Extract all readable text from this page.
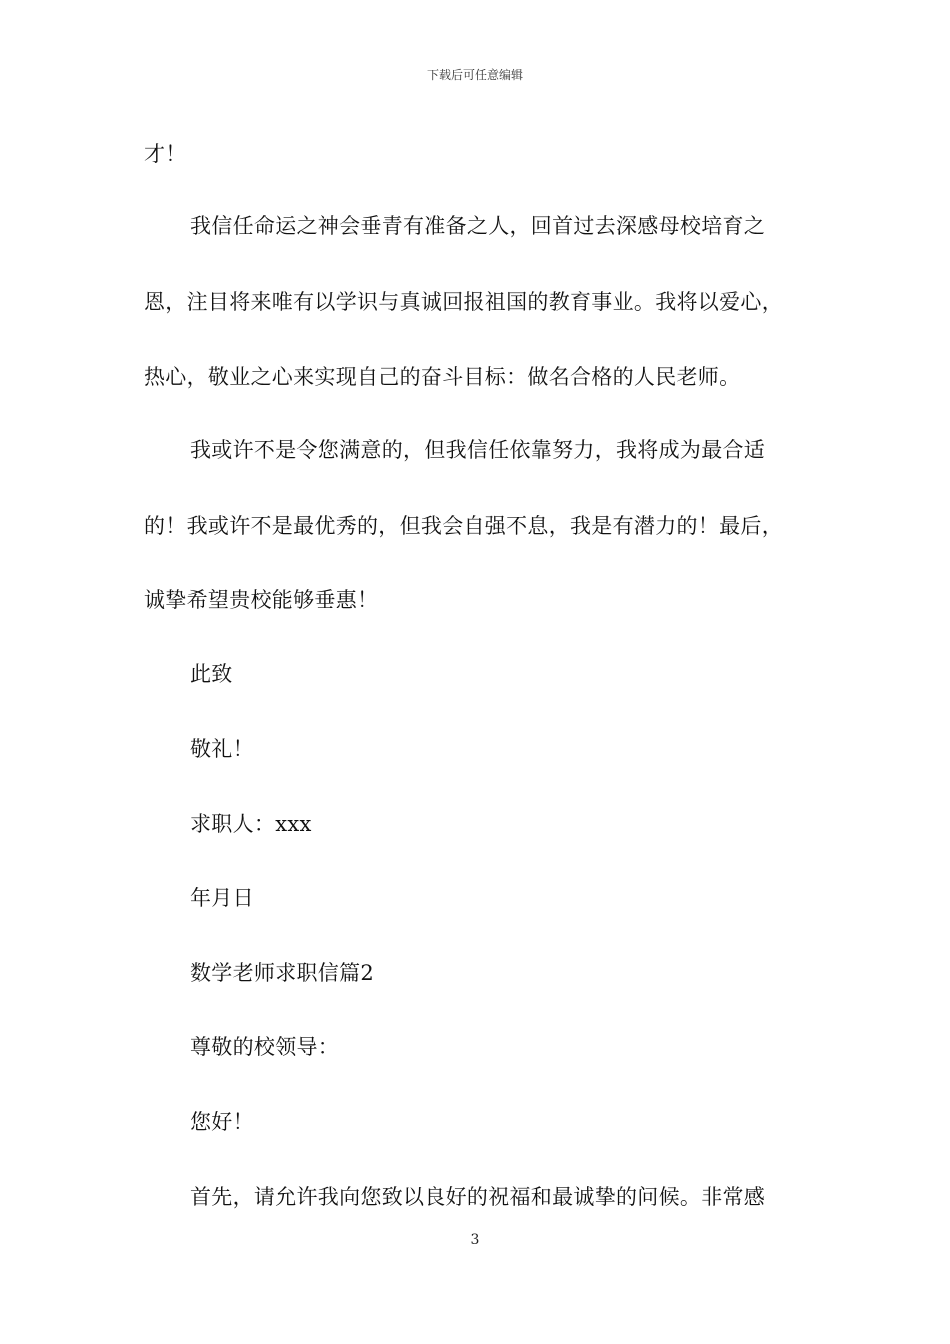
下载后可任意编辑
才！
我信任命运之神会垂青有准备之人，回首过去深感母校培育之
恩，注目将来唯有以学识与真诚回报祖国的教育事业。我将以爱心，
热心，敬业之心来实现自己的奋斗目标：做名合格的人民老师。
我或许不是令您满意的，但我信任依靠努力，我将成为最合适
的！我或许不是最优秀的，但我会自强不息，我是有潜力的！最后，
诚挚希望贵校能够垂惠！
此致
敬礼！
求职人：xxx
年月日
数学老师求职信篇2
尊敬的校领导：
您好！
首先，请允许我向您致以良好的祝福和最诚挚的问候。非常感
3
